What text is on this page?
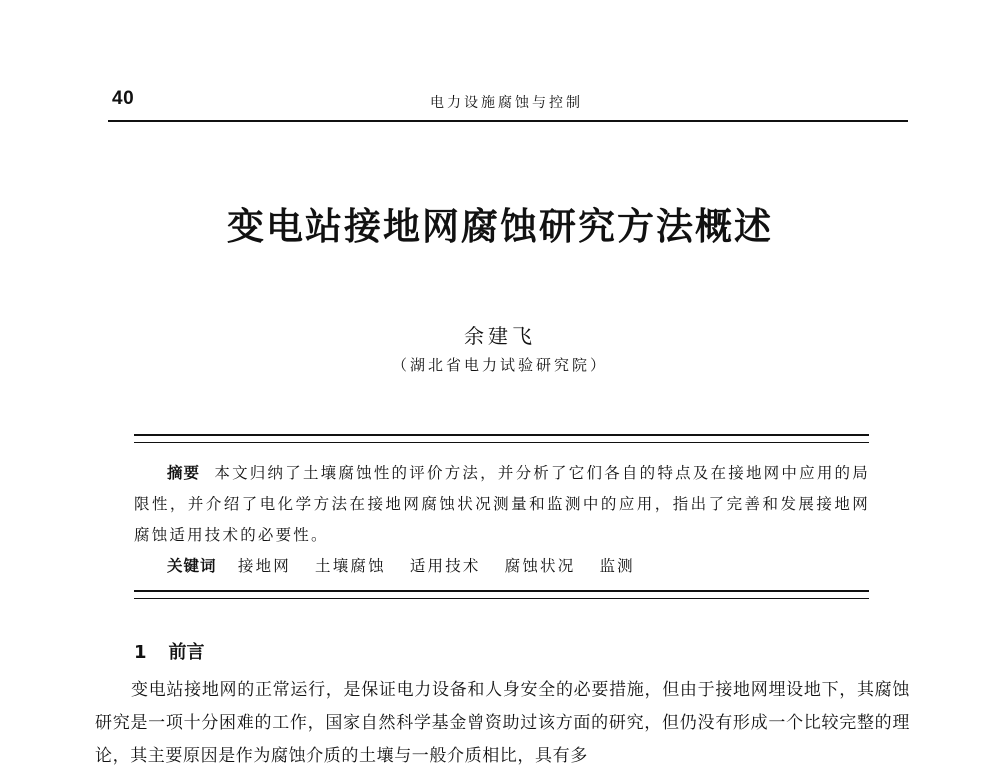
40	电力设施腐蚀与控制
变电站接地网腐蚀研究方法概述
余建飞
（湖北省电力试验研究院）

摘要 本文归纳了土壤腐蚀性的评价方法，并分析了它们各自的特点及在接地网中应用的局限性，并介绍了电化学方法在接地网腐蚀状况测量和监测中的应用，指出了完善和发展接地网腐蚀适用技术的必要性。

关键词 接地网 土壤腐蚀 适用技术 腐蚀状况 监测

1 前言

变电站接地网的正常运行，是保证电力设备和人身安全的必要措施，但由于接地网埋设地下，其腐蚀研究是一项十分困难的工作，国家自然科学基金曾资助过该方面的研究，但仍没有形成一个比较完整的理论，其主要原因是作为腐蚀介质的土壤与一般介质相比，具有多
